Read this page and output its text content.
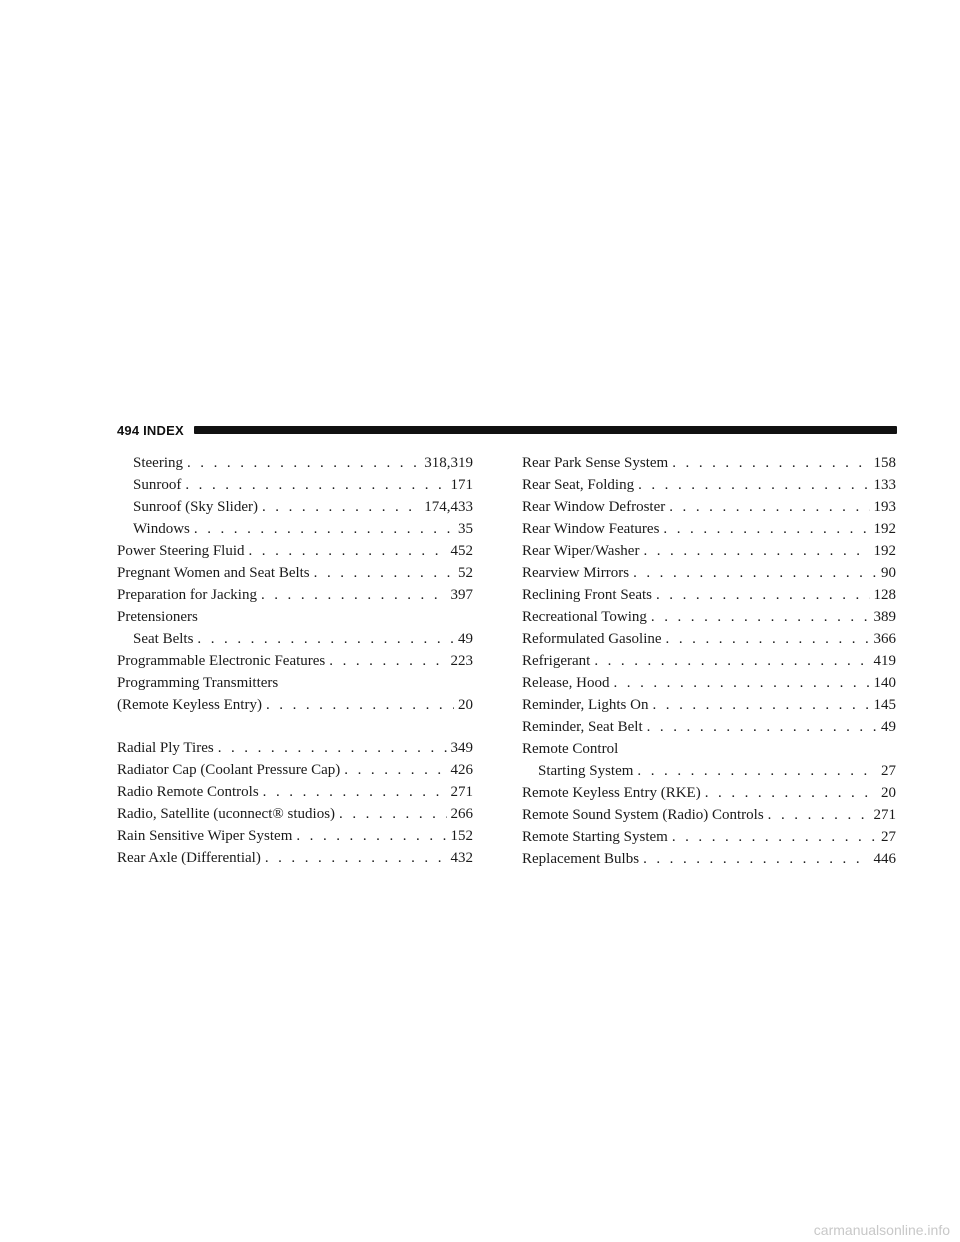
494 INDEX
Steering . . .	318,319
Sunroof . . .	171
Sunroof (Sky Slider) . . .	174,433
Windows . . .	35
Power Steering Fluid . . .	452
Pregnant Women and Seat Belts . . .	52
Preparation for Jacking . . .	397
Pretensioners
Seat Belts . . .	49
Programmable Electronic Features . . .	223
Programming Transmitters
(Remote Keyless Entry) . . .	20
Radial Ply Tires . . .	349
Radiator Cap (Coolant Pressure Cap) . . .	426
Radio Remote Controls . . .	271
Radio, Satellite (uconnect® studios) . . .	266
Rain Sensitive Wiper System . . .	152
Rear Axle (Differential) . . .	432
Rear Park Sense System . . .	158
Rear Seat, Folding . . .	133
Rear Window Defroster . . .	193
Rear Window Features . . .	192
Rear Wiper/Washer . . .	192
Rearview Mirrors . . .	90
Reclining Front Seats . . .	128
Recreational Towing . . .	389
Reformulated Gasoline . . .	366
Refrigerant . . .	419
Release, Hood . . .	140
Reminder, Lights On . . .	145
Reminder, Seat Belt . . .	49
Remote Control
Starting System . . .	27
Remote Keyless Entry (RKE) . . .	20
Remote Sound System (Radio) Controls . . .	271
Remote Starting System . . .	27
Replacement Bulbs . . .	446
carmanualsonline.info
